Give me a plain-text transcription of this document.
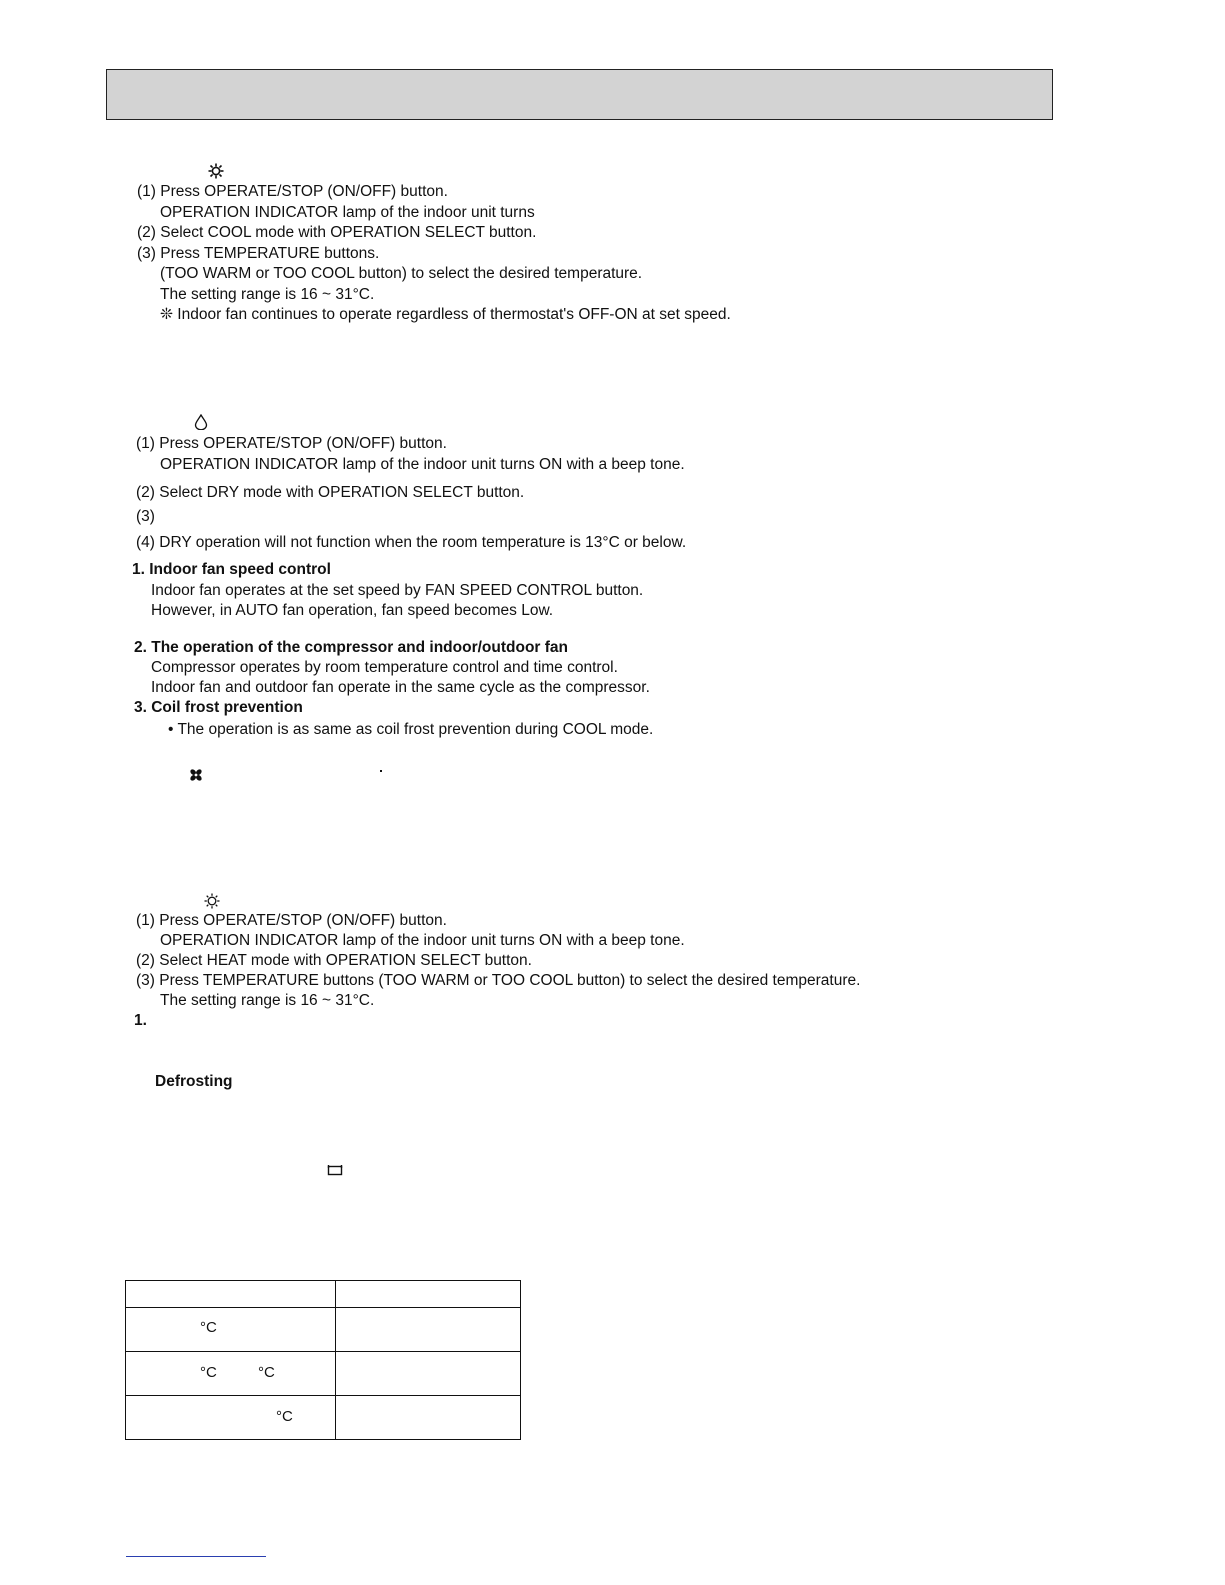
(1) Press OPERATE/STOP (ON/OFF) button.
OPERATION INDICATOR lamp of the indoor unit turns
(2) Select COOL mode with OPERATION SELECT button.
(3) Press TEMPERATURE buttons.
(TOO WARM or TOO COOL button) to select the desired temperature.
The setting range is 16 ~ 31°C.
❊ Indoor fan continues to operate regardless of thermostat's OFF-ON at set speed.
(1) Press OPERATE/STOP (ON/OFF) button.
OPERATION INDICATOR lamp of the indoor unit turns ON with a beep tone.
(2) Select DRY mode with OPERATION SELECT button.
(3)
(4) DRY operation will not function when the room temperature is 13°C or below.
1. Indoor fan speed control
Indoor fan operates at the set speed by FAN SPEED CONTROL button.
However, in AUTO fan operation, fan speed becomes Low.
2. The operation of the compressor and indoor/outdoor fan
Compressor operates by room temperature control and time control.
Indoor fan and outdoor fan operate in the same cycle as the compressor.
3. Coil frost prevention
• The operation is as same as coil frost prevention during COOL mode.
(1) Press OPERATE/STOP (ON/OFF) button.
OPERATION INDICATOR lamp of the indoor unit turns ON with a beep tone.
(2) Select HEAT mode with OPERATION SELECT button.
(3) Press TEMPERATURE buttons (TOO WARM or TOO COOL button) to select the desired temperature.
The setting range is 16 ~ 31°C.
1.
Defrosting

°C	

°C °C	

°C	
